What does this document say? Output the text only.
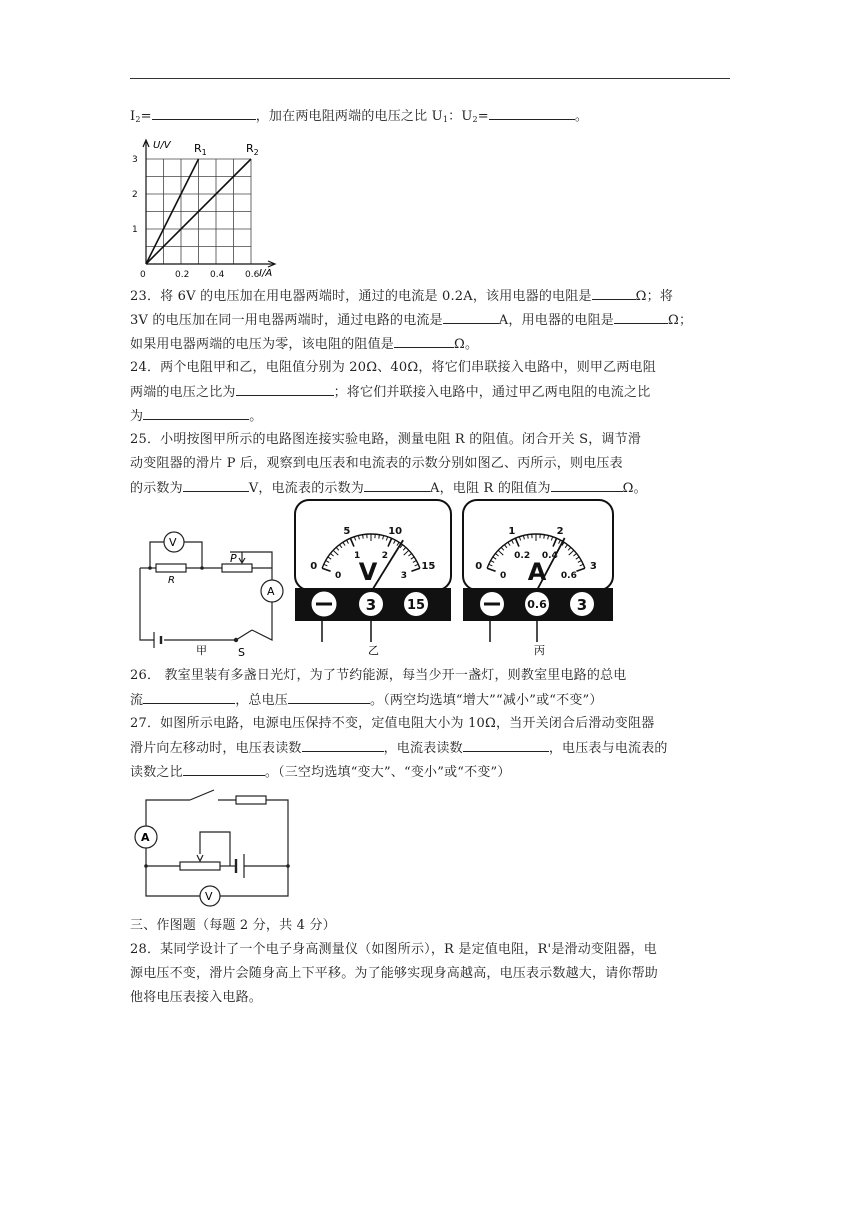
$I_2=$	，加在两电阻两端的电压之比 $U_1$：$U_2=$	。
0	0.2 0.4 0.6
3
2
1
U/V
I/A
$R_1$	$R_2$
23．将 6V 的电压加在用电器两端时，通过的电流是 0.2A，该用电器的电阻是	Ω；将
3V 的电压加在同一用电器两端时，通过电路的电流是	A，用电器的电阻是	Ω；
如果用电器两端的电压为零，该电阻的阻值是	Ω。
24．两个电阻甲和乙，电阻值分别为 20Ω、40Ω，将它们串联接入电路中，则甲乙两电阻
两端的电压之比为	；将它们并联接入电路中，通过甲乙两电阻的电流之比
为	。
25．小明按图甲所示的电路图连接实验电路，测量电阻 R 的阻值。闭合开关 S，调节滑
动变阻器的滑片 P 后，观察到电压表和电流表的示数分别如图乙、丙所示，则电压表
的示数为	V，电流表的示数为	A，电阻 R 的阻值为	Ω。
V
A
R
P
S
甲
0
5	10
15
0
1 2
3
3 15
V
乙
0
1	2
3
0
0.2 0.4
0.6
0.6 3
A
丙
26． 教室里装有多盏日光灯，为了节约能源，每当少开一盏灯，则教室里电路的总电
流	，总电压	。（两空均选填“增大”“减小”或“不变”）
27．如图所示电路，电源电压保持不变，定值电阻大小为 10Ω，当开关闭合后滑动变阻器
滑片向左移动时，电压表读数	，电流表读数	，电压表与电流表的
读数之比	。（三空均选填“变大”、“变小”或“不变”）
A
V
三、作图题（每题 2 分，共 4 分）
28．某同学设计了一个电子身高测量仪（如图所示），R 是定值电阻，R'是滑动变阻器，电
源电压不变，滑片会随身高上下平移。为了能够实现身高越高，电压表示数越大，请你帮助
他将电压表接入电路。
